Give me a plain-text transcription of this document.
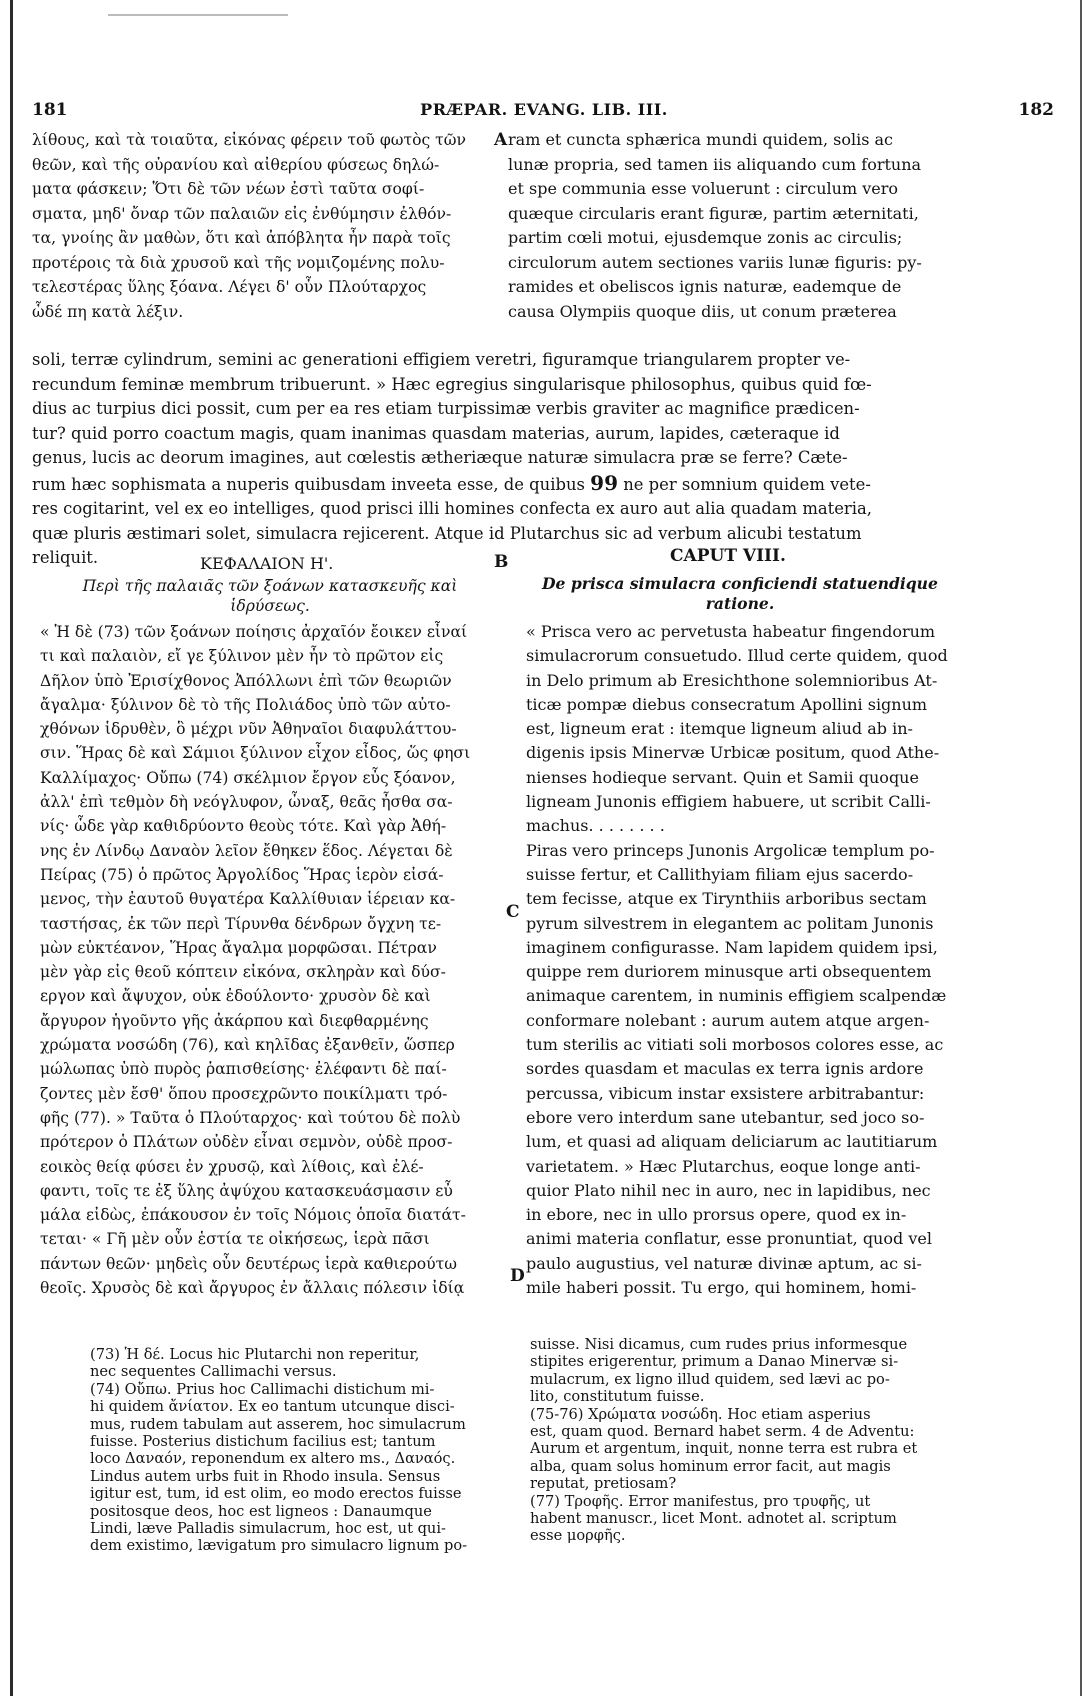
181	PRÆPAR. EVANG. LIB. III.	182
λίθους, καὶ τὰ τοιαῦτα, εἰκόνας φέρειν τοῦ φωτὸς τῶν
θεῶν, καὶ τῆς οὐρανίου καὶ αἰθερίου φύσεως δηλώ-
ματα φάσκειν; Ὅτι δὲ τῶν νέων ἐστὶ ταῦτα σοφί-
σματα, μηδ' ὄναρ τῶν παλαιῶν εἰς ἐνθύμησιν ἐλθόν-
τα, γνοίης ἂν μαθὼν, ὅτι καὶ ἀπόβλητα ἦν παρὰ τοῖς
προτέροις τὰ διὰ χρυσοῦ καὶ τῆς νομιζομένης πολυ-
τελεστέρας ὕλης ξόανα. Λέγει δ' οὖν Πλούταρχος
ὧδέ πη κατὰ λέξιν.
ram et cuncta sphærica mundi quidem, solis ac
lunæ propria, sed tamen iis aliquando cum fortuna
et spe communia esse voluerunt : circulum vero
quæque circularis erant figuræ, partim æternitati,
partim cœli motui, ejusdemque zonis ac circulis;
circulorum autem sectiones variis lunæ figuris: py-
ramides et obeliscos ignis naturæ, eademque de
causa Olympiis quoque diis, ut conum præterea
A
soli, terræ cylindrum, semini ac generationi effigiem veretri, figuramque triangularem propter ve-
recundum feminæ membrum tribuerunt. » Hæc egregius singularisque philosophus, quibus quid fœ-
dius ac turpius dici possit, cum per ea res etiam turpissimæ verbis graviter ac magnifice prædicen-
tur? quid porro coactum magis, quam inanimas quasdam materias, aurum, lapides, cæteraque id
genus, lucis ac deorum imagines, aut cœlestis ætheriæque naturæ simulacra præ se ferre? Cæte-
rum hæc sophismata a nuperis quibusdam inveeta esse, de quibus 99 ne per somnium quidem vete-
res cogitarint, vel ex eo intelliges, quod prisci illi homines confecta ex auro aut alia quadam materia,
quæ pluris æstimari solet, simulacra rejicerent. Atque id Plutarchus sic ad verbum alicubi testatum
reliquit.	ΚΕΦΑΛΑΙΟΝ Η'.	B	CAPUT VIII.
Περὶ τῆς παλαιᾶς τῶν ξοάνων κατασκευῆς καὶ
ἱδρύσεως.
De prisca simulacra conficiendi statuendique
ratione.
« Ἡ δὲ (73) τῶν ξοάνων ποίησις ἀρχαῖόν ἔοικεν εἶναί
τι καὶ παλαιὸν, εἴ γε ξύλινον μὲν ἦν τὸ πρῶτον εἰς
Δῆλον ὑπὸ Ἐρισίχθονος Ἀπόλλωνι ἐπὶ τῶν θεωριῶν
ἄγαλμα· ξύλινον δὲ τὸ τῆς Πολιάδος ὑπὸ τῶν αὐτο-
χθόνων ἱδρυθὲν, ὃ μέχρι νῦν Ἀθηναῖοι διαφυλάττου-
σιν. Ἥρας δὲ καὶ Σάμιοι ξύλινον εἶχον εἶδος, ὥς φησι
Καλλίμαχος· Οὔπω (74) σκέλμιον ἔργον εὖς ξόανον,
ἀλλ' ἐπὶ τεθμὸν δὴ νεόγλυφον, ὦναξ, θεᾶς ἦσθα σα-
νίς· ὧδε γὰρ καθιδρύοντο θεοὺς τότε. Καὶ γὰρ Ἀθή-
νης ἐν Λίνδῳ Δαναὸν λεῖον ἔθηκεν ἕδος. Λέγεται δὲ
Πείρας (75) ὁ πρῶτος Ἀργολίδος Ἥρας ἱερὸν εἰσά-
μενος, τὴν ἑαυτοῦ θυγατέρα Καλλίθυιαν ἱέρειαν κα-
ταστήσας, ἐκ τῶν περὶ Τίρυνθα δένδρων ὄγχνη τε-
μὼν εὐκτέανον, Ἥρας ἄγαλμα μορφῶσαι. Πέτραν
μὲν γὰρ εἰς θεοῦ κόπτειν εἰκόνα, σκληρὰν καὶ δύσ-
εργον καὶ ἄψυχον, οὐκ ἐδούλοντο· χρυσὸν δὲ καὶ
ἄργυρον ἡγοῦντο γῆς ἀκάρπου καὶ διεφθαρμένης
χρώματα νοσώδη (76), καὶ κηλῖδας ἐξανθεῖν, ὥσπερ
μώλωπας ὑπὸ πυρὸς ῥαπισθείσης· ἐλέφαντι δὲ παί-
ζοντες μὲν ἔσθ' ὅπου προσεχρῶντο ποικίλματι τρό-
φῆς (77). » Ταῦτα ὁ Πλούταρχος· καὶ τούτου δὲ πολὺ
πρότερον ὁ Πλάτων οὐδὲν εἶναι σεμνὸν, οὐδὲ προσ-
εοικὸς θείᾳ φύσει ἐν χρυσῷ, καὶ λίθοις, καὶ ἐλέ-
φαντι, τοῖς τε ἐξ ὕλης ἀψύχου κατασκευάσμασιν εὖ
μάλα εἰδὼς, ἐπάκουσον ἐν τοῖς Νόμοις ὁποῖα διατάτ-
τεται· « Γῆ μὲν οὖν ἑστία τε οἰκήσεως, ἱερὰ πᾶσι
πάντων θεῶν· μηδεὶς οὖν δευτέρως ἱερὰ καθιερούτω
θεοῖς. Χρυσὸς δὲ καὶ ἄργυρος ἐν ἄλλαις πόλεσιν ἰδίᾳ
C
« Prisca vero ac pervetusta habeatur fingendorum
simulacrorum consuetudo. Illud certe quidem, quod
in Delo primum ab Eresichthone solemnioribus At-
ticæ pompæ diebus consecratum Apollini signum
est, ligneum erat : itemque ligneum aliud ab in-
digenis ipsis Minervæ Urbicæ positum, quod Athe-
nienses hodieque servant. Quin et Samii quoque
ligneam Junonis effigiem habuere, ut scribit Calli-
machus. . . . . . . .
Piras vero princeps Junonis Argolicæ templum po-
suisse fertur, et Callithyiam filiam ejus sacerdo-
tem fecisse, atque ex Tirynthiis arboribus sectam
pyrum silvestrem in elegantem ac politam Junonis
imaginem configurasse. Nam lapidem quidem ipsi,
quippe rem duriorem minusque arti obsequentem
animaque carentem, in numinis effigiem scalpendæ
conformare nolebant : aurum autem atque argen-
tum sterilis ac vitiati soli morbosos colores esse, ac
sordes quasdam et maculas ex terra ignis ardore
percussa, vibicum instar exsistere arbitrabantur:
ebore vero interdum sane utebantur, sed joco so-
lum, et quasi ad aliquam deliciarum ac lautitiarum
varietatem. » Hæc Plutarchus, eoque longe anti-
quior Plato nihil nec in auro, nec in lapidibus, nec
in ebore, nec in ullo prorsus opere, quod ex in-
animi materia conflatur, esse pronuntiat, quod vel
paulo augustius, vel naturæ divinæ aptum, ac si-
mile haberi possit. Tu ergo, qui hominem, homi-
D
(73) Ἡ δέ. Locus hic Plutarchi non reperitur,
nec sequentes Callimachi versus.
(74) Οὔπω. Prius hoc Callimachi distichum mi-
hi quidem ἄνίατον. Ex eo tantum utcunque disci-
mus, rudem tabulam aut asserem, hoc simulacrum
fuisse. Posterius distichum facilius est; tantum
loco Δαναόν, reponendum ex altero ms., Δαναός.
Lindus autem urbs fuit in Rhodo insula. Sensus
igitur est, tum, id est olim, eo modo erectos fuisse
positosque deos, hoc est ligneos : Danaumque
Lindi, læve Palladis simulacrum, hoc est, ut qui-
dem existimo, lævigatum pro simulacro lignum po-
suisse. Nisi dicamus, cum rudes prius informesque
stipites erigerentur, primum a Danao Minervæ si-
mulacrum, ex ligno illud quidem, sed lævi ac po-
lito, constitutum fuisse.
(75-76) Χρώματα νοσώδη. Hoc etiam asperius
est, quam quod. Bernard habet serm. 4 de Adventu:
Aurum et argentum, inquit, nonne terra est rubra et
alba, quam solus hominum error facit, aut magis
reputat, pretiosam?
(77) Τροφῆς. Error manifestus, pro τρυφῆς, ut
habent manuscr., licet Mont. adnotet al. scriptum
esse μορφῆς.
